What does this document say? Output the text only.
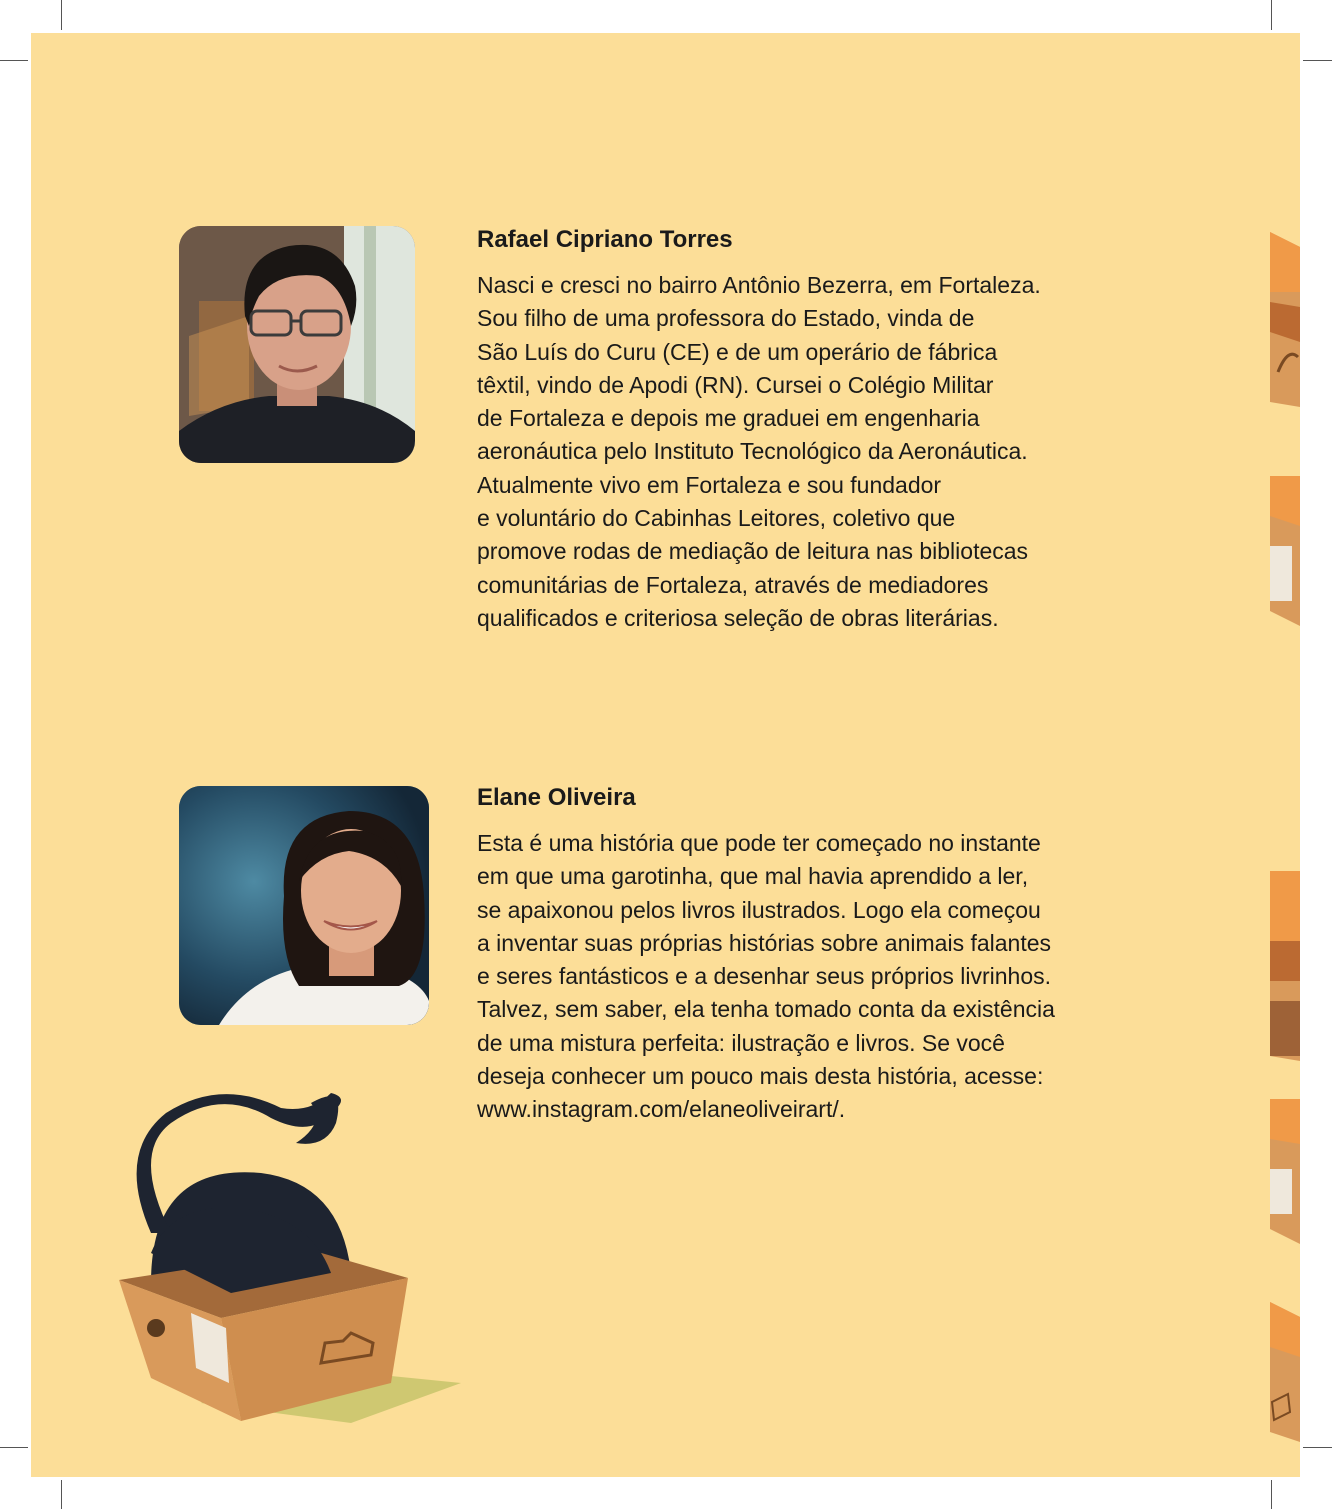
Rafael Cipriano Torres

Nasci e cresci no bairro Antônio Bezerra, em Fortaleza.
Sou filho de uma professora do Estado, vinda de
São Luís do Curu (CE) e de um operário de fábrica
têxtil, vindo de Apodi (RN). Cursei o Colégio Militar
de Fortaleza e depois me graduei em engenharia
aeronáutica pelo Instituto Tecnológico da Aeronáutica.
Atualmente vivo em Fortaleza e sou fundador
e voluntário do Cabinhas Leitores, coletivo que
promove rodas de mediação de leitura nas bibliotecas
comunitárias de Fortaleza, através de mediadores
qualificados e criteriosa seleção de obras literárias.

Elane Oliveira

Esta é uma história que pode ter começado no instante
em que uma garotinha, que mal havia aprendido a ler,
se apaixonou pelos livros ilustrados. Logo ela começou
a inventar suas próprias histórias sobre animais falantes
e seres fantásticos e a desenhar seus próprios livrinhos.
Talvez, sem saber, ela tenha tomado conta da existência
de uma mistura perfeita: ilustração e livros. Se você
deseja conhecer um pouco mais desta história, acesse:
www.instagram.com/elaneoliveirart/.
